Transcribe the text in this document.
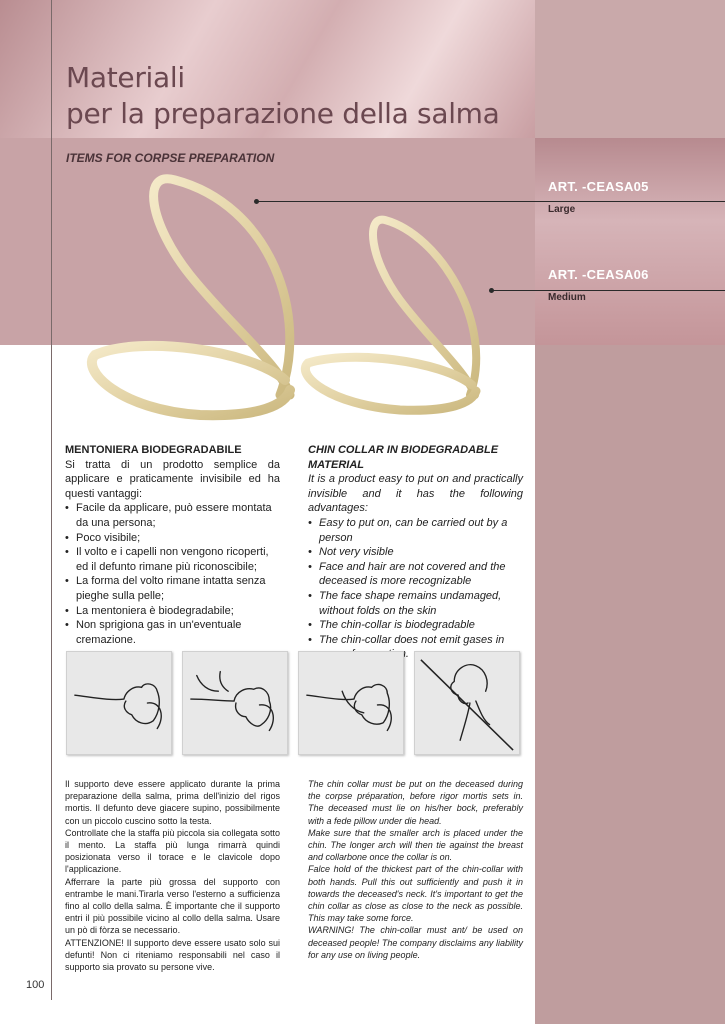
Materiali
per la preparazione della salma
ITEMS FOR CORPSE PREPARATION
ART. -CEASA05
Large
ART. -CEASA06
Medium
MENTONIERA BIODEGRADABILE

Si tratta di un prodotto semplice da applicare e praticamente invisibile ed ha questi vantaggi:

• Facile da applicare, può essere montata da una persona;
• Poco visibile;
• Il volto e i capelli non vengono ricoperti, ed il defunto rimane più riconoscibile;
• La forma del volto rimane intatta senza pieghe sulla pelle;
• La mentoniera è biodegradabile;
• Non sprigiona gas in un'eventuale cremazione.
CHIN COLLAR IN BIODEGRADABLE MATERIAL

It is a product easy to put on and practically invisible and it has the following advantages:

• Easy to put on, can be carried out by a person
• Not very visible
• Face and hair are not covered and the deceased is more recognizable
• The face shape remains undamaged, without folds on the skin
• The chin-collar is biodegradable
• The chin-collar does not emit gases in case of cremation.

Il supporto deve essere applicato durante la prima preparazione della salma, prima dell'inizio del rigos mortis. Il defunto deve giacere supino, possibilmente con un piccolo cuscino sotto la testa.

Controllate che la staffa più piccola sia collegata sotto il mento. La staffa più lunga rimarrà quindi posizionata verso il torace e le clavicole dopo l'applicazione.

Afferrare la parte più grossa del supporto con entrambe le mani.Tirarla verso l'esterno a sufficienza fino al collo della salma. È importante che il supporto entri il più possibile vicino al collo della salma. Usare un pò di fòrza se necessario.

ATTENZIONE! Il supporto deve essere usato solo sui defunti! Non ci riteniamo responsabili nel caso il supporto sia provato su persone vive.

The chin collar must be put on the deceased during the corpse préparation, before rigor mortis sets in. The deceased must lie on his/her bock, preferably with a fede pillow under die head.

Make sure that the smaller arch is placed under the chin. The longer arch will then tie against the breast and collarbone once the collar is on.

Falce hold of the thickest part of the chin-collar with both hands. Pull this out sufficiently and push it in towards the deceased's neck. It's important to get the chin collar as close as close to the neck as possible. This may take some force.

WARNING! The chin-collar must ant/ be used on deceased people! The company disclaims any liability for any use on living people.

100
